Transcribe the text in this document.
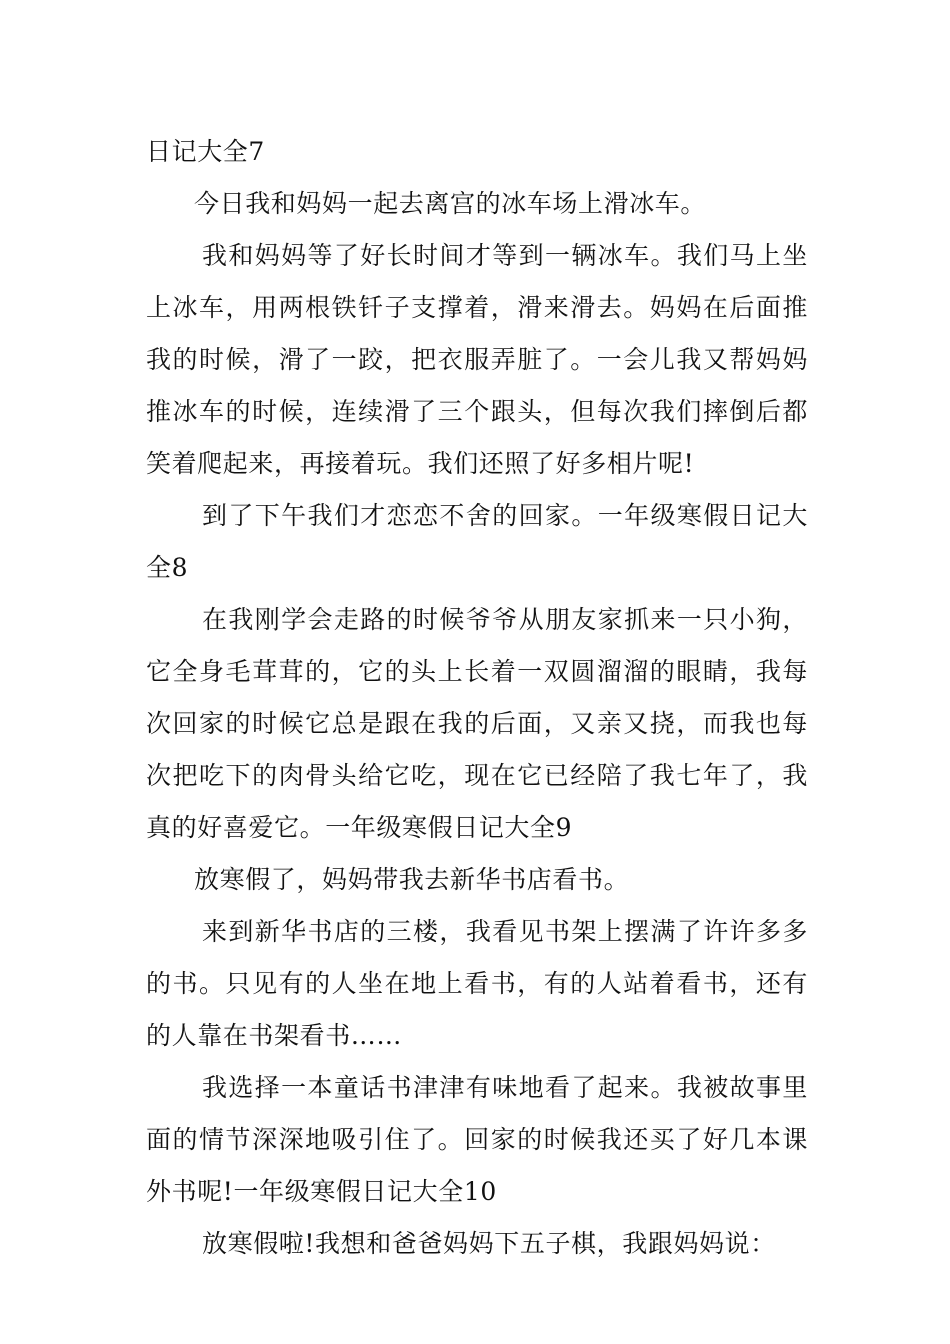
日记大全7

今日我和妈妈一起去离宫的冰车场上滑冰车。

我和妈妈等了好长时间才等到一辆冰车。我们马上坐上冰车，用两根铁钎子支撑着，滑来滑去。妈妈在后面推我的时候，滑了一跤，把衣服弄脏了。一会儿我又帮妈妈推冰车的时候，连续滑了三个跟头，但每次我们摔倒后都笑着爬起来，再接着玩。我们还照了好多相片呢!

到了下午我们才恋恋不舍的回家。一年级寒假日记大全8

在我刚学会走路的时候爷爷从朋友家抓来一只小狗，它全身毛茸茸的，它的头上长着一双圆溜溜的眼睛，我每次回家的时候它总是跟在我的后面，又亲又挠，而我也每次把吃下的肉骨头给它吃，现在它已经陪了我七年了，我真的好喜爱它。一年级寒假日记大全9

放寒假了，妈妈带我去新华书店看书。

来到新华书店的三楼，我看见书架上摆满了许许多多的书。只见有的人坐在地上看书，有的人站着看书，还有的人靠在书架看书……

我选择一本童话书津津有味地看了起来。我被故事里面的情节深深地吸引住了。回家的时候我还买了好几本课外书呢!一年级寒假日记大全10

放寒假啦!我想和爸爸妈妈下五子棋，我跟妈妈说：
